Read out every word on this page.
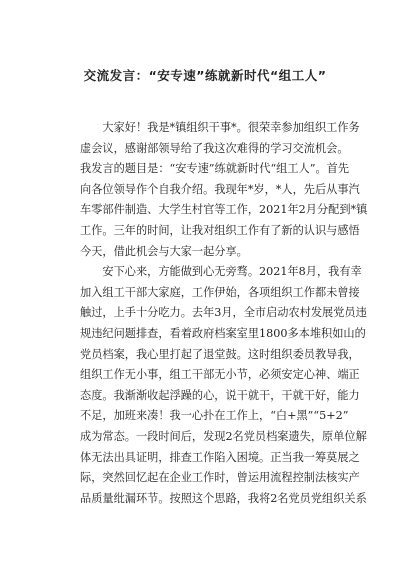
交流发言：“安专速”练就新时代“组工人”
大家好！我是*镇组织干事*。很荣幸参加组织工作务
虚会议，感谢部领导给了我这次难得的学习交流机会。
我发言的题目是：“安专速”练就新时代“组工人”。首先
向各位领导作个自我介绍。我现年*岁，*人，先后从事汽
车零部件制造、大学生村官等工作，2021年2月分配到*镇
工作。三年的时间，让我对组织工作有了新的认识与感悟
今天，借此机会与大家一起分享。
安下心来，方能做到心无旁骛。2021年8月，我有幸
加入组工干部大家庭，工作伊始，各项组织工作都未曾接
触过，上手十分吃力。去年3月，全市启动农村发展党员违
规违纪问题排查，看着政府档案室里1800多本堆积如山的
党员档案，我心里打起了退堂鼓。这时组织委员教导我，
组织工作无小事，组工干部无小节，必须安定心神、端正
态度。我渐渐收起浮躁的心，说干就干，干就干好，能力
不足，加班来凑！我一心扑在工作上，“白+黑”“5+2”
成为常态。一段时间后，发现2名党员档案遗失，原单位解
体无法出具证明，排查工作陷入困境。正当我一筹莫展之
际，突然回忆起在企业工作时，曾运用流程控制法核实产
品质量纰漏环节。按照这个思路，我将2名党员党组织关系
